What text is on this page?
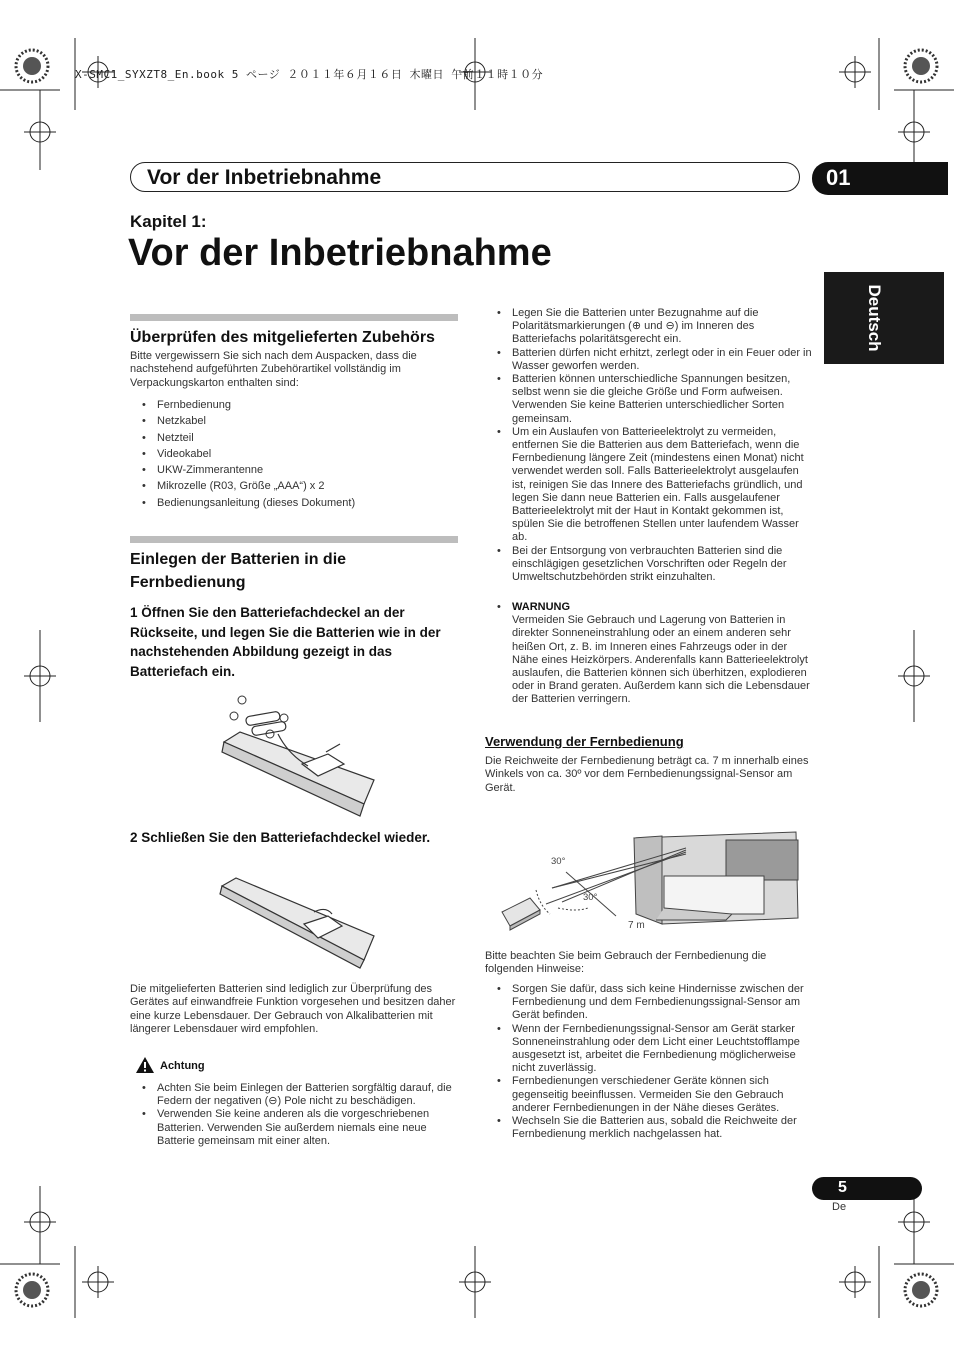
X-SMC1_SYXZT8_En.book 5 ページ ２０１１年６月１６日 木曜日 午前１１時１０分
Vor der Inbetriebnahme	01
Kapitel 1:
Vor der Inbetriebnahme
Deutsch
Überprüfen des mitgelieferten Zubehörs
Bitte vergewissern Sie sich nach dem Auspacken, dass die nachstehend aufgeführten Zubehörartikel vollständig im Verpackungskarton enthalten sind:
• Fernbedienung
• Netzkabel
• Netzteil
• Videokabel
• UKW-Zimmerantenne
• Mikrozelle (R03, Größe „AAA“) x 2
• Bedienungsanleitung (dieses Dokument)
Einlegen der Batterien in die
Fernbedienung
1 Öffnen Sie den Batteriefachdeckel an der Rückseite, und legen Sie die Batterien wie in der nachstehenden Abbildung gezeigt in das Batteriefach ein.
2 Schließen Sie den Batteriefachdeckel wieder.
Die mitgelieferten Batterien sind lediglich zur Überprüfung des Gerätes auf einwandfreie Funktion vorgesehen und besitzen daher eine kurze Lebensdauer. Der Gebrauch von Alkalibatterien mit längerer Lebensdauer wird empfohlen.
Achtung
• Achten Sie beim Einlegen der Batterien sorgfältig darauf, die Federn der negativen (⊖) Pole nicht zu beschädigen.
• Verwenden Sie keine anderen als die vorgeschriebenen Batterien. Verwenden Sie außerdem niemals eine neue Batterie gemeinsam mit einer alten.
• Legen Sie die Batterien unter Bezugnahme auf die Polaritätsmarkierungen (⊕ und ⊖) im Inneren des Batteriefachs polaritätsgerecht ein.
• Batterien dürfen nicht erhitzt, zerlegt oder in ein Feuer oder in Wasser geworfen werden.
• Batterien können unterschiedliche Spannungen besitzen, selbst wenn sie die gleiche Größe und Form aufweisen. Verwenden Sie keine Batterien unterschiedlicher Sorten gemeinsam.
• Um ein Auslaufen von Batterieelektrolyt zu vermeiden, entfernen Sie die Batterien aus dem Batteriefach, wenn die Fernbedienung längere Zeit (mindestens einen Monat) nicht verwendet werden soll. Falls Batterieelektrolyt ausgelaufen ist, reinigen Sie das Innere des Batteriefachs gründlich, und legen Sie dann neue Batterien ein. Falls ausgelaufener Batterieelektrolyt mit der Haut in Kontakt gekommen ist, spülen Sie die betroffenen Stellen unter laufendem Wasser ab.
• Bei der Entsorgung von verbrauchten Batterien sind die einschlägigen gesetzlichen Vorschriften oder Regeln der Umweltschutzbehörden strikt einzuhalten.
• WARNUNG
Vermeiden Sie Gebrauch und Lagerung von Batterien in direkter Sonneneinstrahlung oder an einem anderen sehr heißen Ort, z. B. im Inneren eines Fahrzeugs oder in der Nähe eines Heizkörpers. Anderenfalls kann Batterieelektrolyt auslaufen, die Batterien können sich überhitzen, explodieren oder in Brand geraten. Außerdem kann sich die Lebensdauer der Batterien verringern.
Verwendung der Fernbedienung
Die Reichweite der Fernbedienung beträgt ca. 7 m innerhalb eines Winkels von ca. 30º vor dem Fernbedienungssignal-Sensor am Gerät.
30°
30°
7 m
Bitte beachten Sie beim Gebrauch der Fernbedienung die folgenden Hinweise:
• Sorgen Sie dafür, dass sich keine Hindernisse zwischen der Fernbedienung und dem Fernbedienungssignal-Sensor am Gerät befinden.
• Wenn der Fernbedienungssignal-Sensor am Gerät starker Sonneneinstrahlung oder dem Licht einer Leuchtstofflampe ausgesetzt ist, arbeitet die Fernbedienung möglicherweise nicht zuverlässig.
• Fernbedienungen verschiedener Geräte können sich gegenseitig beeinflussen. Vermeiden Sie den Gebrauch anderer Fernbedienungen in der Nähe dieses Gerätes.
• Wechseln Sie die Batterien aus, sobald die Reichweite der Fernbedienung merklich nachgelassen hat.
5
De
